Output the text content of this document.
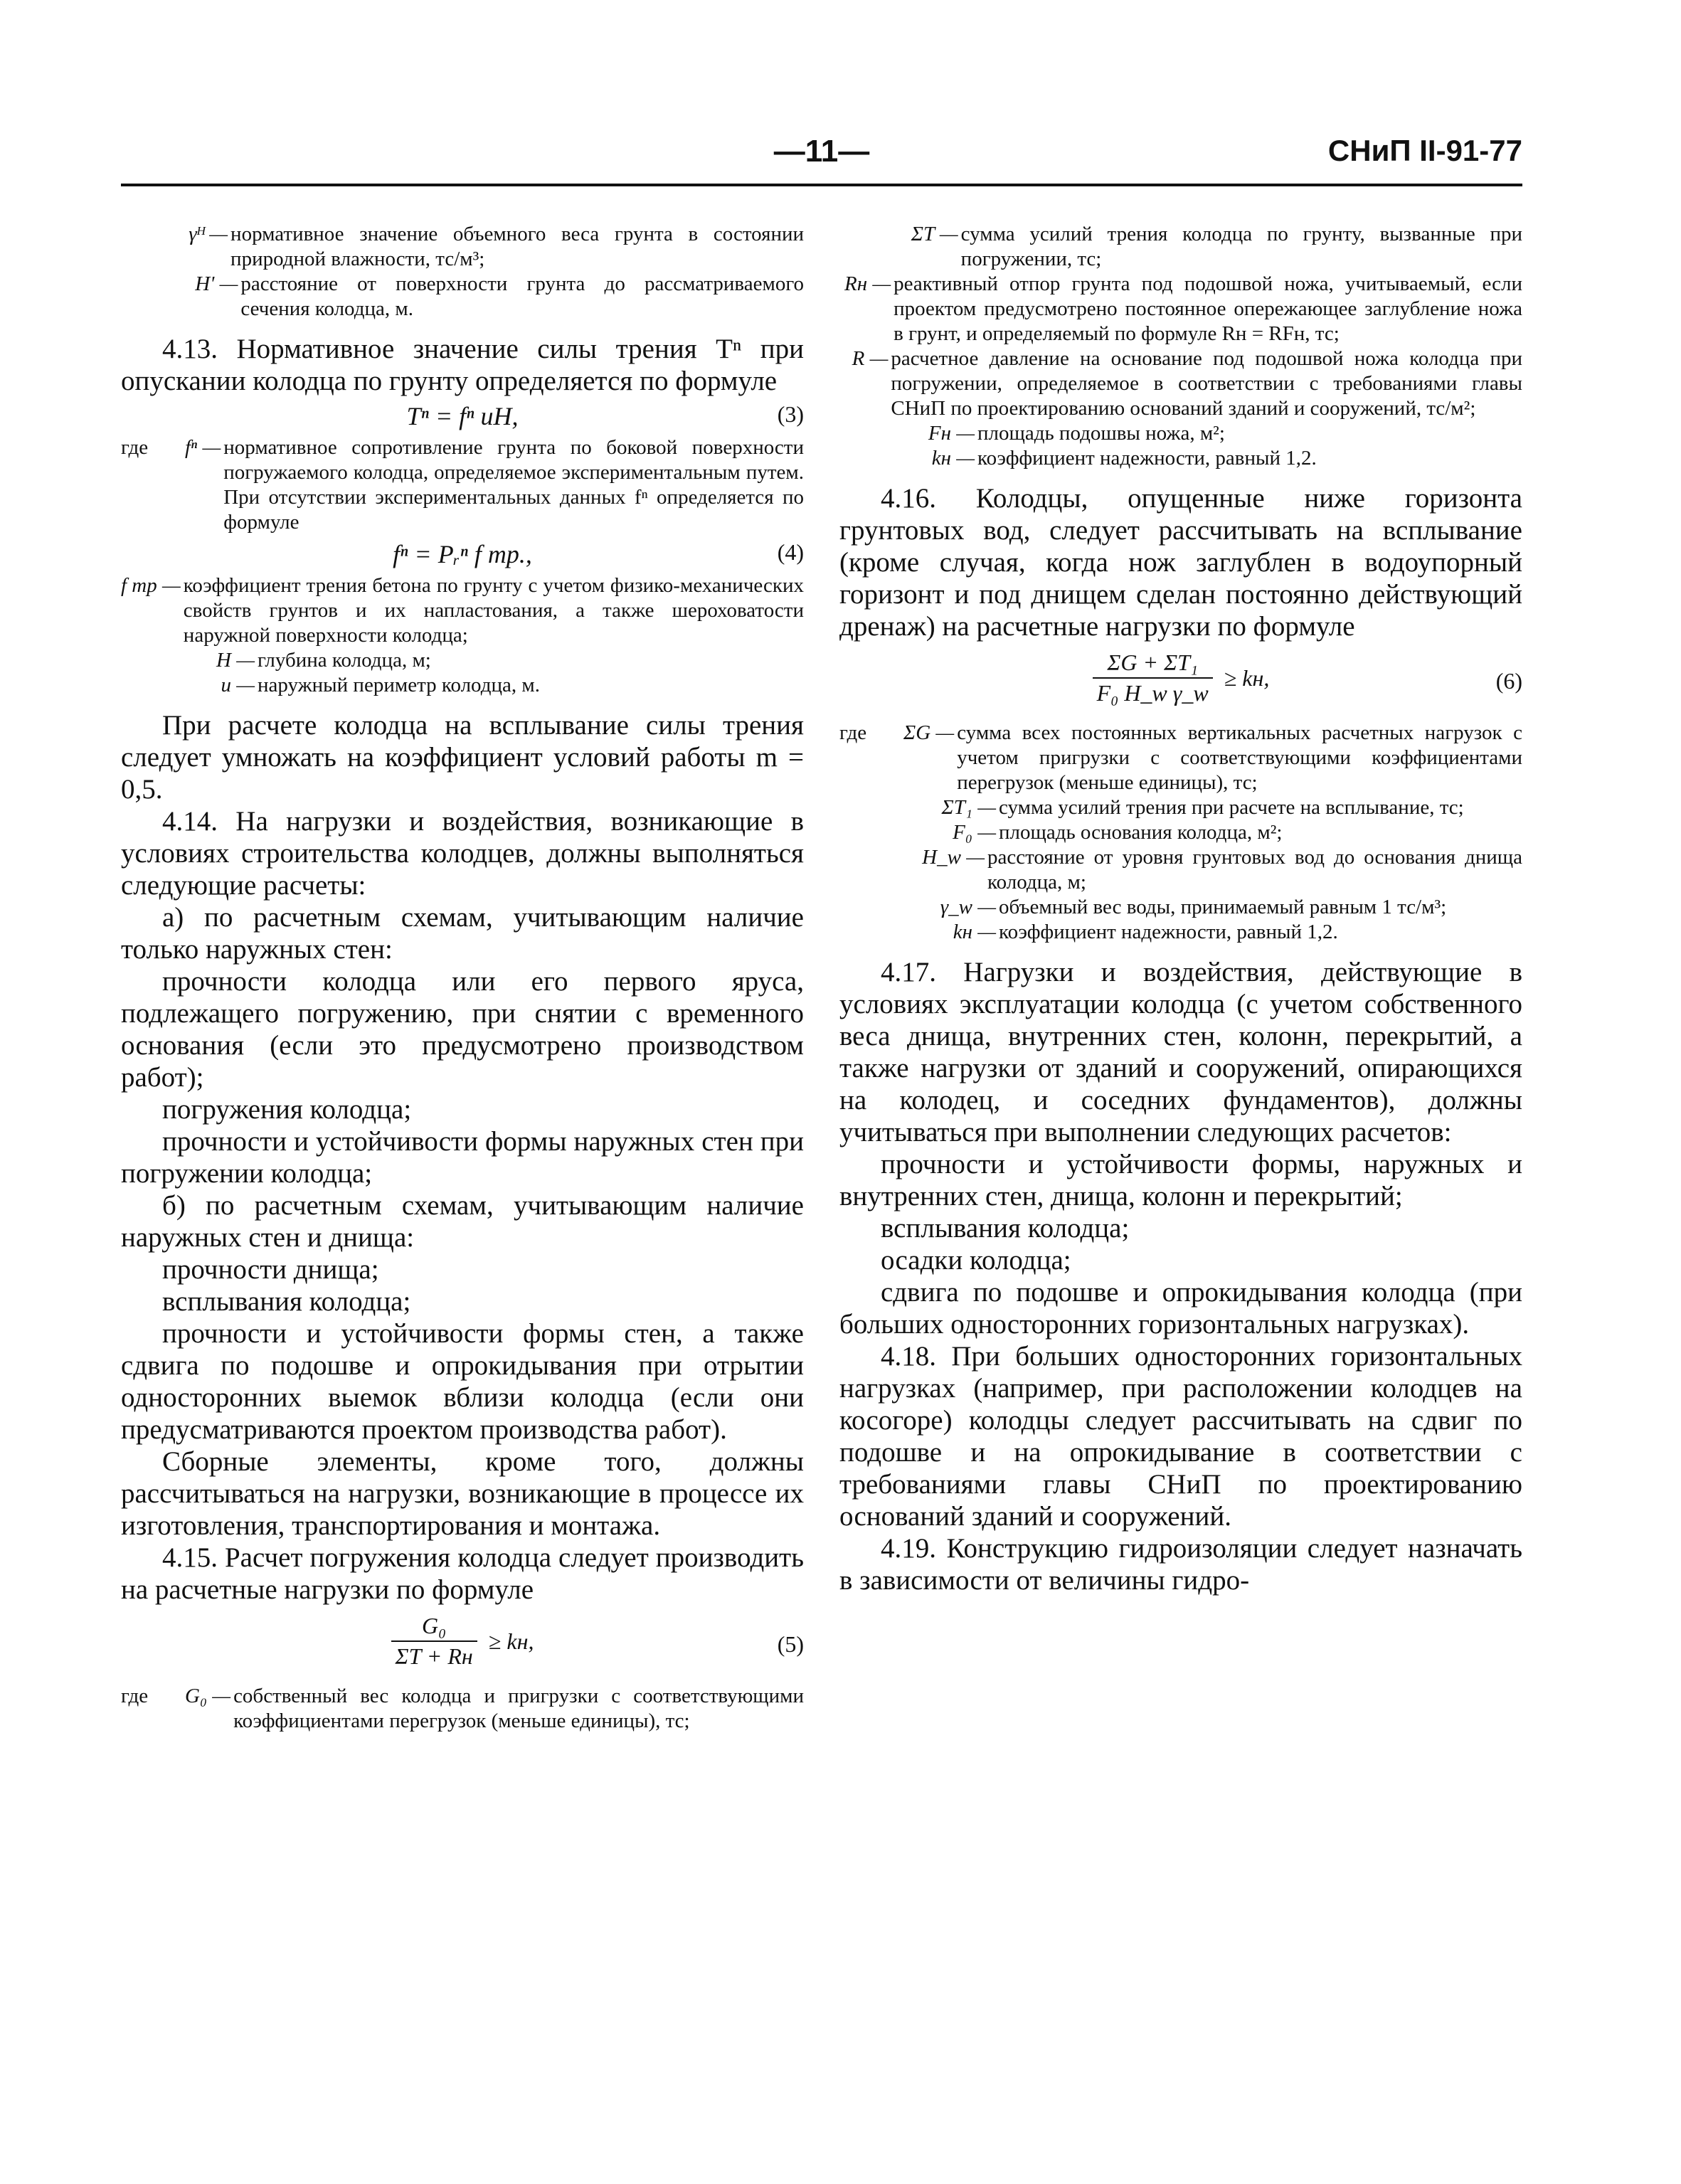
—11—	СНиП II-91-77
γᴴ — нормативное значение объемного веса грунта в состоянии природной влажности, тс/м³;
H' — расстояние от поверхности грунта до рассматриваемого сечения колодца, м.

4.13. Нормативное значение силы трения Tⁿ при опускании колодца по грунту определяется по формуле

Tⁿ = fⁿ uH,	(3)
где	fⁿ — нормативное сопротивление грунта по боковой поверхности погружаемого колодца, определяемое экспериментальным путем. При отсутствии экспериментальных данных fⁿ определяется по формуле
fⁿ = Pᵣⁿ f тр.,	(4)
f тр — коэффициент трения бетона по грунту с учетом физико-механических свойств грунтов и их напластования, а также шероховатости наружной поверхности колодца;
H — глубина колодца, м;
u — наружный периметр колодца, м.

При расчете колодца на всплывание силы трения следует умножать на коэффициент условий работы m = 0,5.

4.14. На нагрузки и воздействия, возникающие в условиях строительства колодцев, должны выполняться следующие расчеты:

а) по расчетным схемам, учитывающим наличие только наружных стен:

прочности колодца или его первого яруса, подлежащего погружению, при снятии с временного основания (если это предусмотрено производством работ);

погружения колодца;

прочности и устойчивости формы наружных стен при погружении колодца;

б) по расчетным схемам, учитывающим наличие наружных стен и днища:

прочности днища;

всплывания колодца;

прочности и устойчивости формы стен, а также сдвига по подошве и опрокидывания при отрытии односторонних выемок вблизи колодца (если они предусматриваются проектом производства работ).

Сборные элементы, кроме того, должны рассчитываться на нагрузки, возникающие в процессе их изготовления, транспортирования и монтажа.

4.15. Расчет погружения колодца следует производить на расчетные нагрузки по формуле

$\frac{\text{G₀}}{\Sigma T + Rн}$ ≥ kн,	(5)
где	G₀ — собственный вес колодца и пригрузки с соответствующими коэффициентами перегрузок (меньше единицы), тс;
ΣT — сумма усилий трения колодца по грунту, вызванные при погружении, тс;
Rн — реактивный отпор грунта под подошвой ножа, учитываемый, если проектом предусмотрено постоянное опережающее заглубление ножа в грунт, и определяемый по формуле Rн = RFн, тс;
R — расчетное давление на основание под подошвой ножа колодца при погружении, определяемое в соответствии с требованиями главы СНиП по проектированию оснований зданий и сооружений, тс/м²;
Fн — площадь подошвы ножа, м²;
kн — коэффициент надежности, равный 1,2.

4.16. Колодцы, опущенные ниже горизонта грунтовых вод, следует рассчитывать на всплывание (кроме случая, когда нож заглублен в водоупорный горизонт и под днищем сделан постоянно действующий дренаж) на расчетные нагрузки по формуле

$\frac{\text{ΣG + ΣT₁}}{\text{F₀ H\_w γ\_w}}$ ≥ kн,	(6)
где	ΣG — сумма всех постоянных вертикальных расчетных нагрузок с учетом пригрузки с соответствующими коэффициентами перегрузок (меньше единицы), тс;
ΣT₁ — сумма усилий трения при расчете на всплывание, тс;
F₀ — площадь основания колодца, м²;
H_w — расстояние от уровня грунтовых вод до основания днища колодца, м;
γ_w — объемный вес воды, принимаемый равным 1 тс/м³;
kн — коэффициент надежности, равный 1,2.

4.17. Нагрузки и воздействия, действующие в условиях эксплуатации колодца (с учетом собственного веса днища, внутренних стен, колонн, перекрытий, а также нагрузки от зданий и сооружений, опирающихся на колодец, и соседних фундаментов), должны учитываться при выполнении следующих расчетов:

прочности и устойчивости формы, наружных и внутренних стен, днища, колонн и перекрытий;

всплывания колодца;

осадки колодца;

сдвига по подошве и опрокидывания колодца (при больших односторонних горизонтальных нагрузках).

4.18. При больших односторонних горизонтальных нагрузках (например, при расположении колодцев на косогоре) колодцы следует рассчитывать на сдвиг по подошве и на опрокидывание в соответствии с требованиями главы СНиП по проектированию оснований зданий и сооружений.

4.19. Конструкцию гидроизоляции следует назначать в зависимости от величины гидро-
